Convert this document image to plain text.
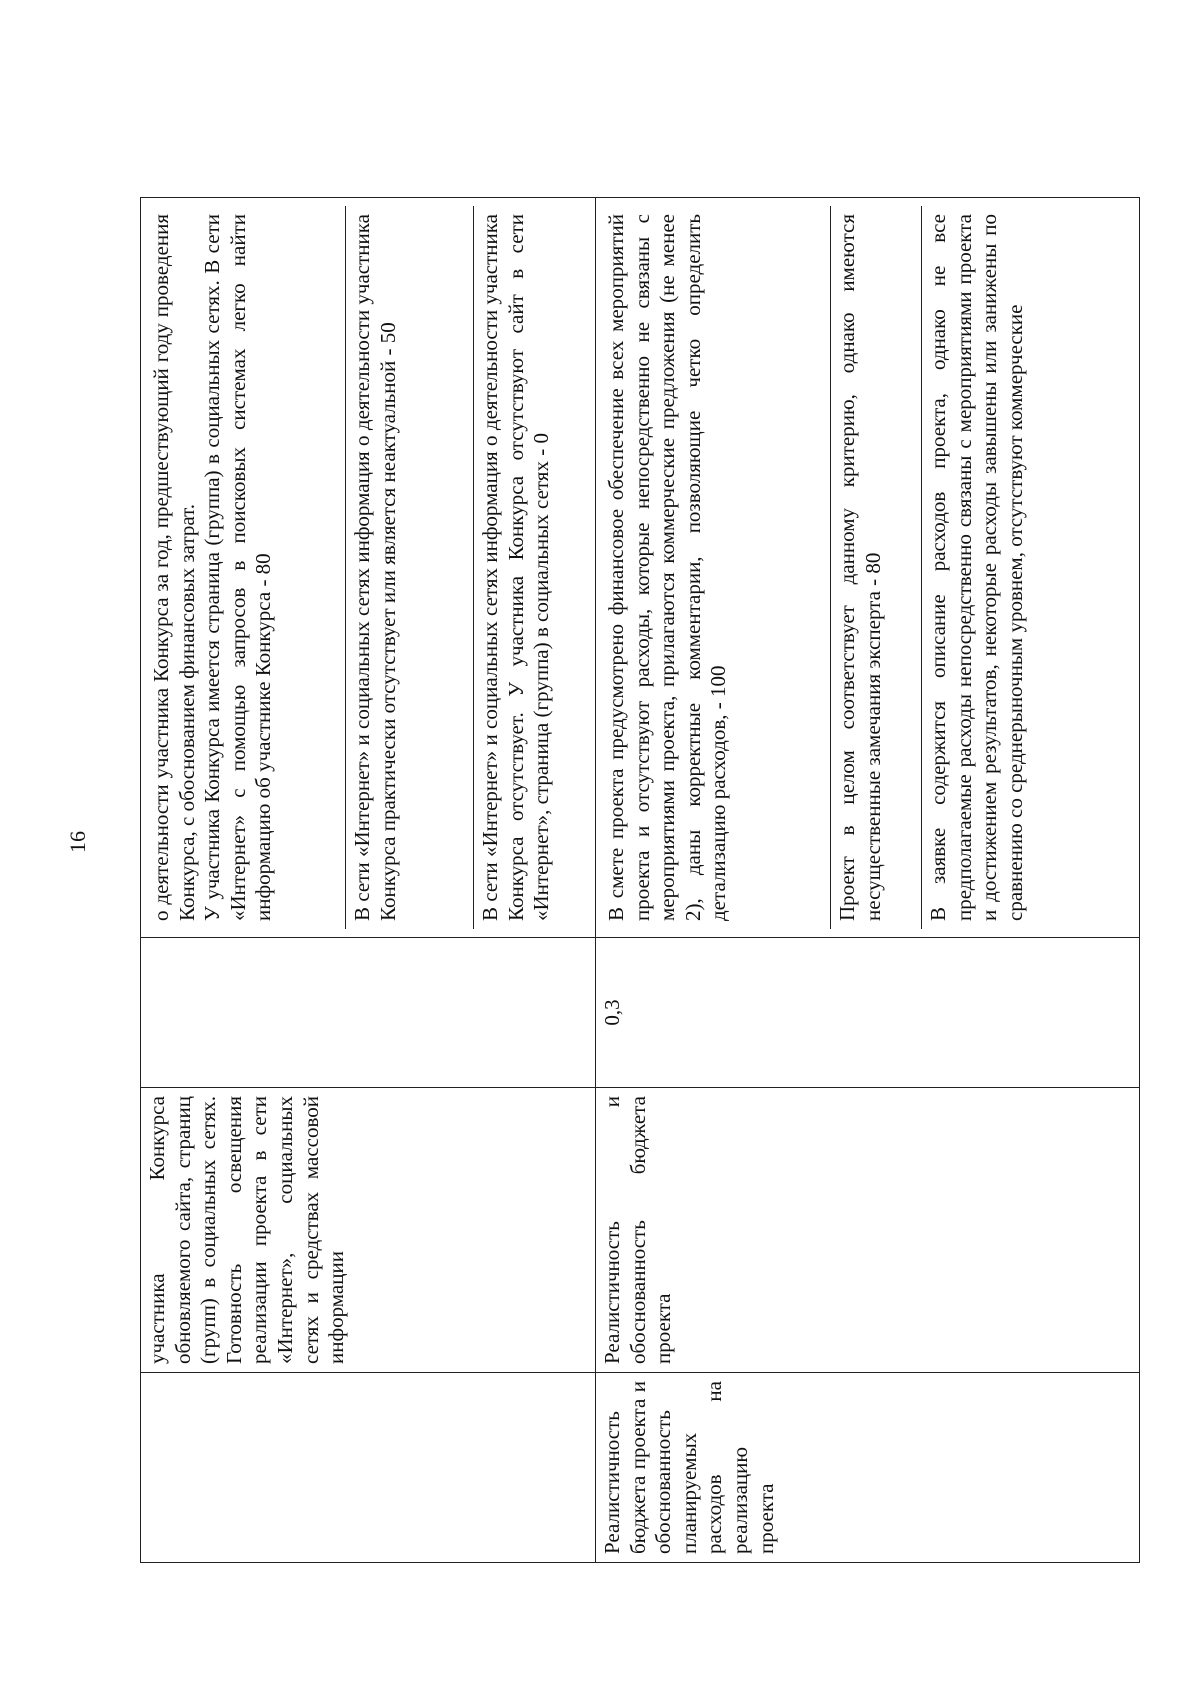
16
	участника Конкурса обновляемого сайта, страниц (групп) в социальных сетях. Готовность освещения реализации проекта в сети «Интернет», социальных сетях и средствах массовой информации		о деятельности участника Конкурса за год, предшествующий году проведения Конкурса, с обоснованием финансовых затрат. У участника Конкурса имеется страница (группа) в социальных сетях. В сети «Интернет» с помощью запросов в поисковых системах легко найти информацию об участнике Конкурса - 80 В сети «Интернет» и социальных сетях информация о деятельности участника Конкурса практически отсутствует или является неактуальной - 50 В сети «Интернет» и социальных сетях информация о деятельности участника Конкурса отсутствует. У участника Конкурса отсутствуют сайт в сети «Интернет», страница (группа) в социальных сетях - 0

Реалистичность бюджета проекта и обоснованность планируемых расходов на реализацию проекта	Реалистичность и обоснованность бюджета проекта	0,3	В смете проекта предусмотрено финансовое обеспечение всех мероприятий проекта и отсутствуют расходы, которые непосредственно не связаны с мероприятиями проекта, прилагаются коммерческие предложения (не менее 2), даны корректные комментарии, позволяющие четко определить детализацию расходов, - 100 Проект в целом соответствует данному критерию, однако имеются несущественные замечания эксперта - 80 В заявке содержится описание расходов проекта, однако не все предполагаемые расходы непосредственно связаны с мероприятиями проекта и достижением результатов, некоторые расходы завышены или занижены по сравнению со среднерыночным уровнем, отсутствуют коммерческие
